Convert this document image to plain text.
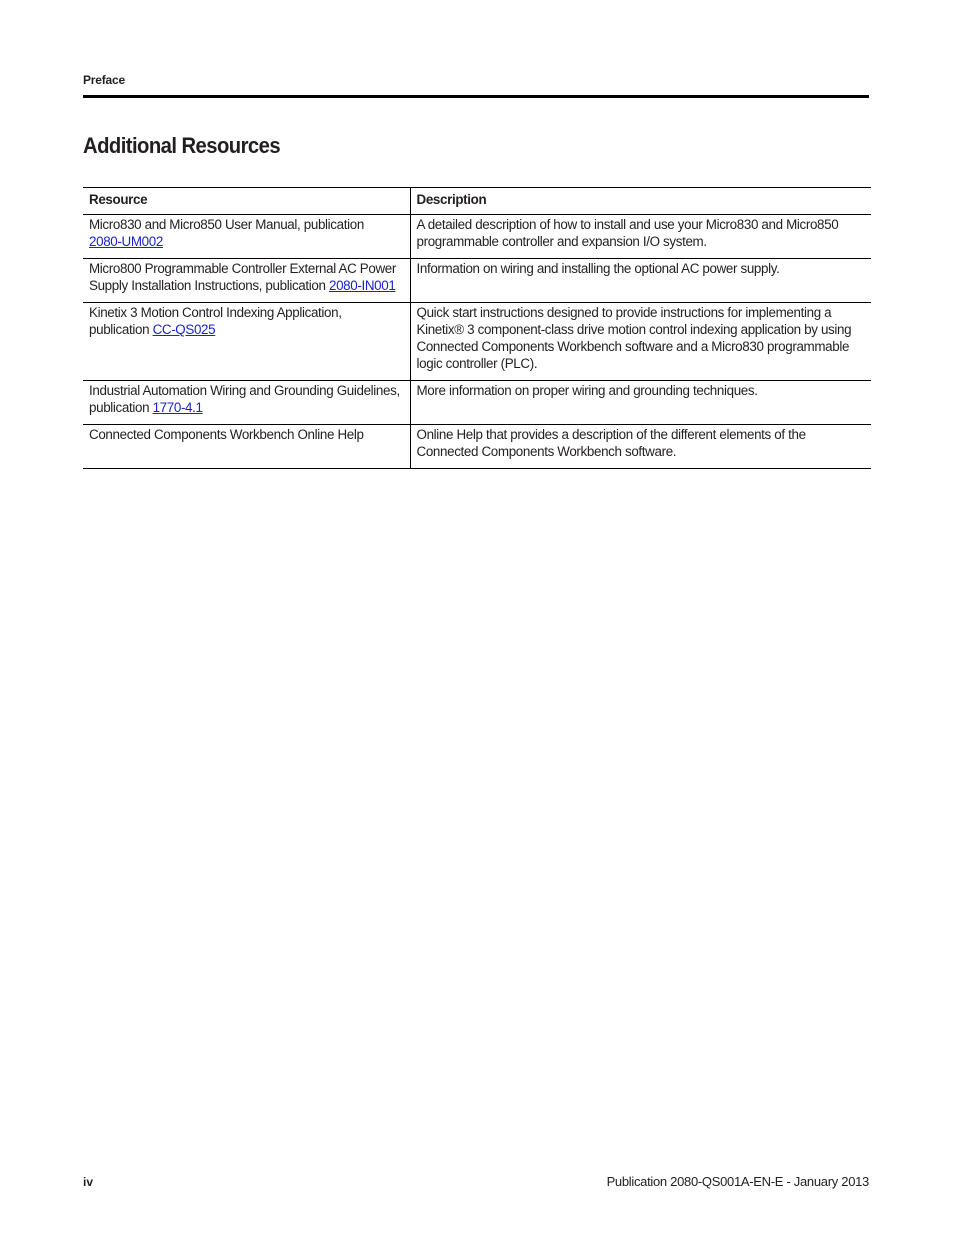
Preface
Additional Resources
Resource	Description

Micro830 and Micro850 User Manual, publication
2080-UM002	A detailed description of how to install and use your Micro830 and Micro850 programmable controller and expansion I/O system.

Micro800 Programmable Controller External AC Power Supply Installation Instructions, publication 2080-IN001	Information on wiring and installing the optional AC power supply.

Kinetix 3 Motion Control Indexing Application, publication CC-QS025	Quick start instructions designed to provide instructions for implementing a Kinetix® 3 component-class drive motion control indexing application by using Connected Components Workbench software and a Micro830 programmable logic controller (PLC).

Industrial Automation Wiring and Grounding Guidelines, publication 1770-4.1	More information on proper wiring and grounding techniques.

Connected Components Workbench Online Help	Online Help that provides a description of the different elements of the Connected Components Workbench software.
iv	Publication 2080-QS001A-EN-E - January 2013
